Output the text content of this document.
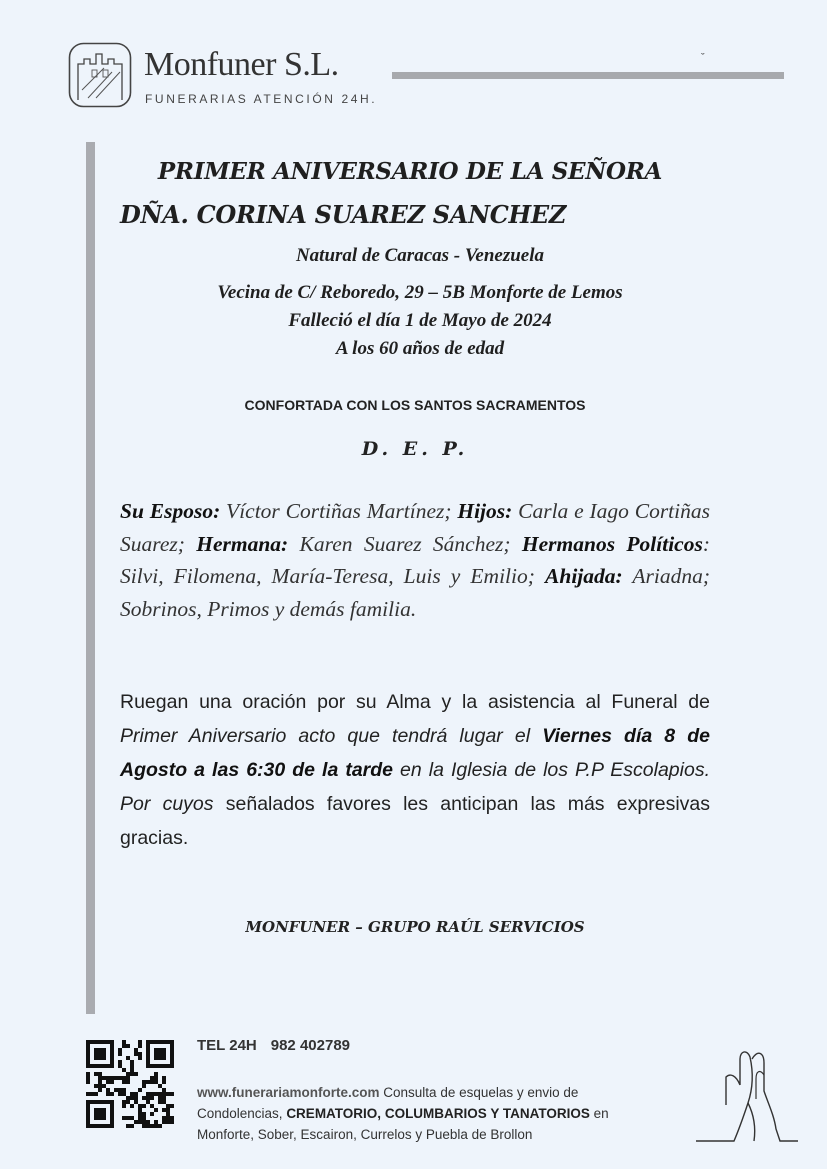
Monfuner S.L.
FUNERARIAS ATENCIÓN 24H.
ˇ
PRIMER ANIVERSARIO DE LA SEÑORA
DÑA. CORINA SUAREZ SANCHEZ
Natural de Caracas - Venezuela
Vecina de C/ Reboredo, 29 – 5B Monforte de Lemos
Falleció el día 1 de Mayo de 2024
A los 60 años de edad
CONFORTADA CON LOS SANTOS SACRAMENTOS
D. E. P.
Su Esposo: Víctor Cortiñas Martínez; Hijos: Carla e Iago Cortiñas Suarez; Hermana: Karen Suarez Sánchez; Hermanos Políticos: Silvi, Filomena, María-Teresa, Luis y Emilio; Ahijada: Ariadna; Sobrinos, Primos y demás familia.
Ruegan una oración por su Alma y la asistencia al Funeral de Primer Aniversario acto que tendrá lugar el Viernes día 8 de Agosto a las 6:30 de la tarde en la Iglesia de los P.P Escolapios. Por cuyos señalados favores les anticipan las más expresivas gracias.
MONFUNER – GRUPO RAÚL SERVICIOS
TEL 24H 982 402789
www.funerariamonforte.com Consulta de esquelas y envio de Condolencias, CREMATORIO, COLUMBARIOS Y TANATORIOS en Monforte, Sober, Escairon, Currelos y Puebla de Brollon
